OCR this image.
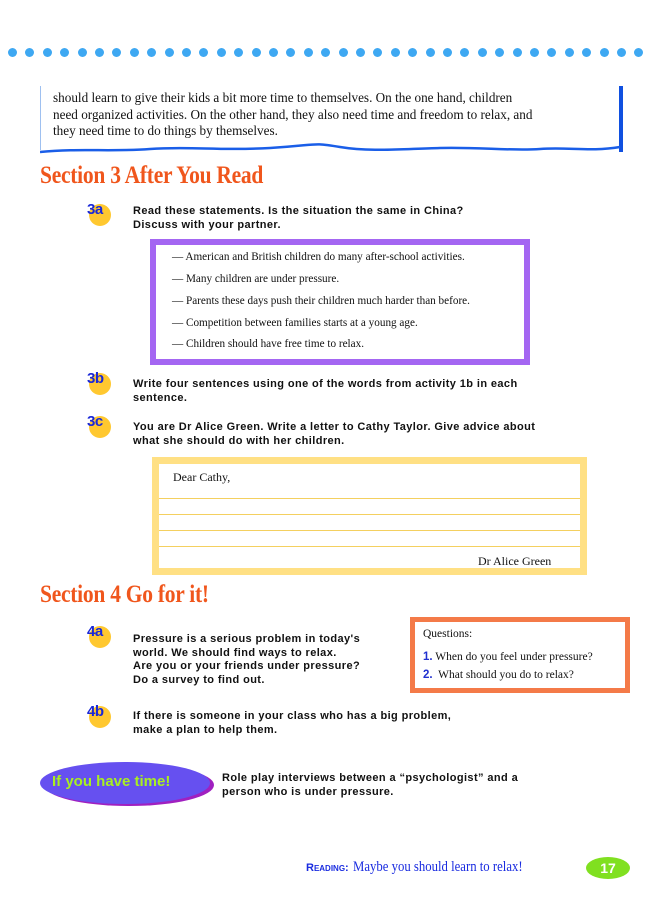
should learn to give their kids a bit more time to themselves. On the one hand, children
need organized activities. On the other hand, they also need time and freedom to relax, and
they need time to do things by themselves.

Section 3 After You Read
3a	Read these statements. Is the situation the same in China?
Discuss with your partner.
— American and British children do many after-school activities.
— Many children are under pressure.
— Parents these days push their children much harder than before.
— Competition between families starts at a young age.
— Children should have free time to relax.
3b	Write four sentences using one of the words from activity 1b in each
sentence.
3c	You are Dr Alice Green. Write a letter to Cathy Taylor. Give advice about
what she should do with her children.
Dear Cathy,
Dr Alice Green
Section 4 Go for it!
4a	Pressure is a serious problem in today's
world. We should find ways to relax.
Are you or your friends under pressure?
Do a survey to find out.
Questions:
1. When do you feel under pressure?
2. What should you do to relax?
4b	If there is someone in your class who has a big problem,
make a plan to help them.
If you have time!	Role play interviews between a “psychologist” and a
person who is under pressure.
Reading: Maybe you should learn to relax!	17
